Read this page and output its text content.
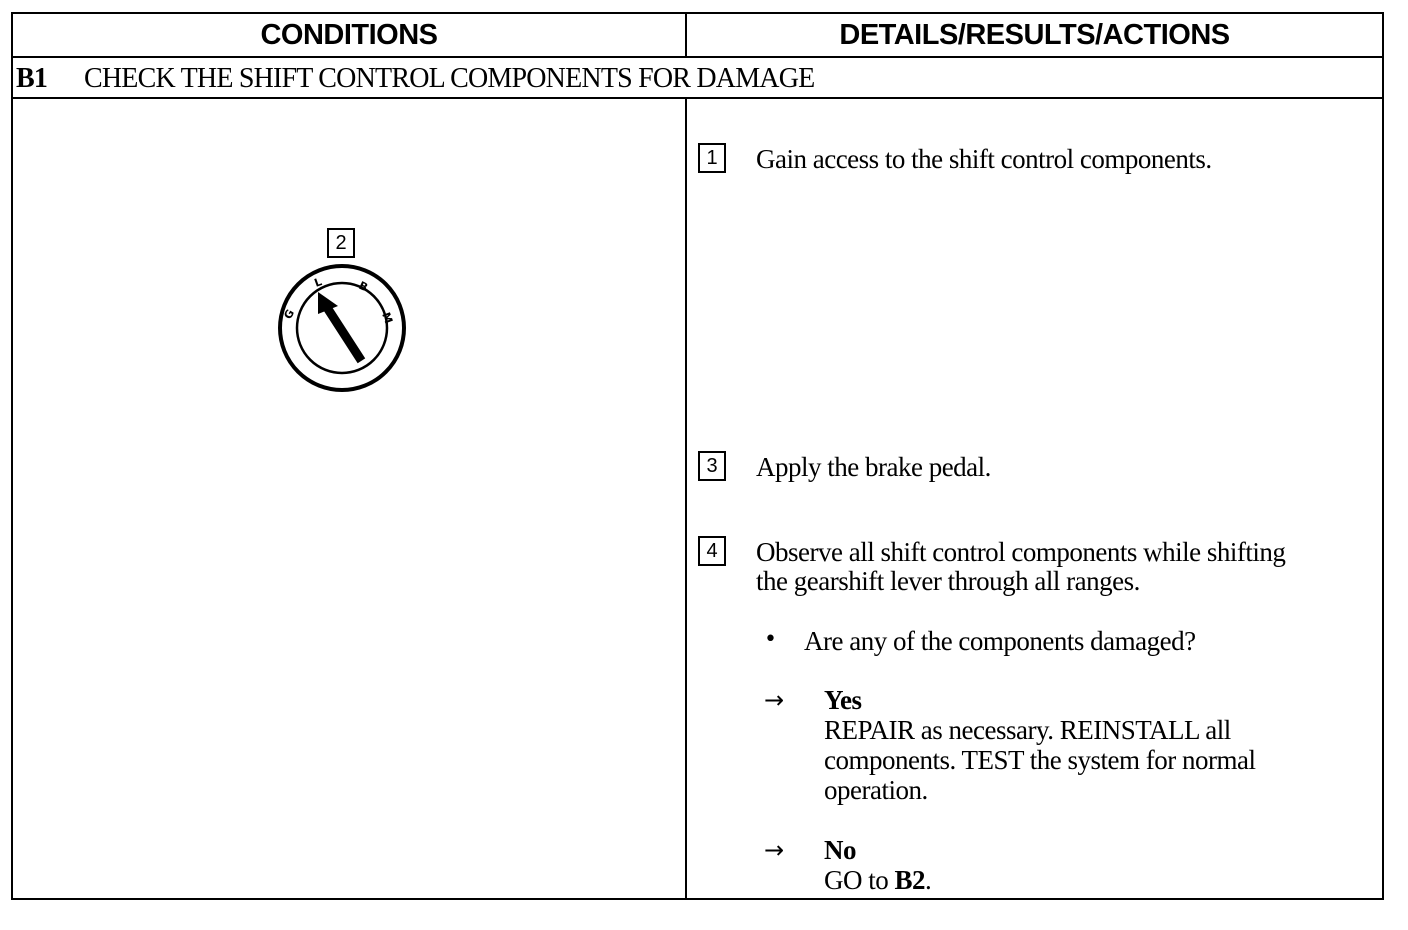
CONDITIONS	DETAILS/RESULTS/ACTIONS
B1	CHECK THE SHIFT CONTROL COMPONENTS FOR DAMAGE
2
G
L	B
M
1	Gain access to the shift control components.
3	Apply the brake pedal.
4	Observe all shift control components while shifting
the gearshift lever through all ranges.
• Are any of the components damaged?
→ Yes
REPAIR as necessary. REINSTALL all
components. TEST the system for normal
operation.
→ No
GO to B2.
